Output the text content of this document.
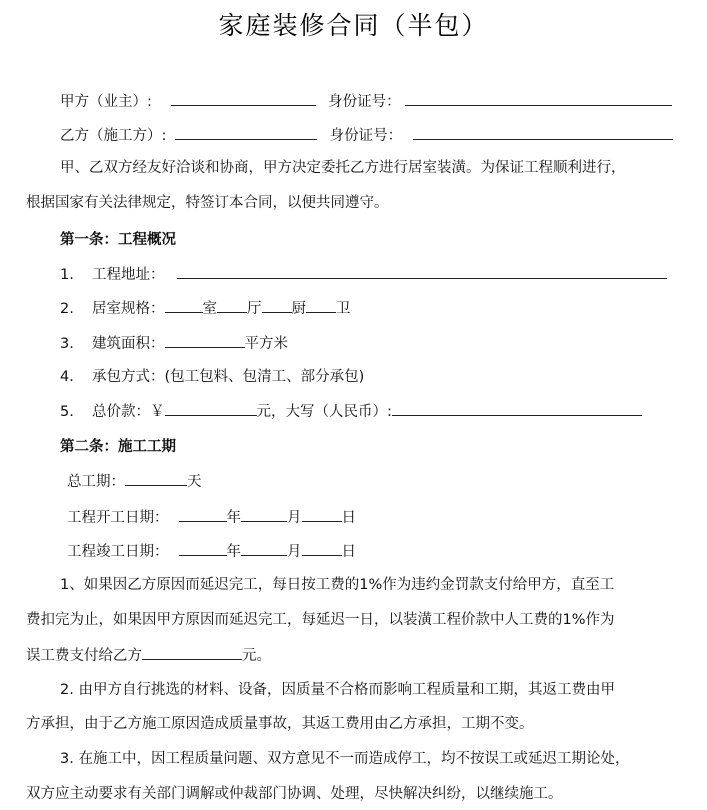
家庭装修合同（半包）
甲方（业主）:	身份证号：
乙方（施工方）:	身份证号：
甲、乙双方经友好洽谈和协商，甲方决定委托乙方进行居室装潢。为保证工程顺利进行，
根据国家有关法律规定，特签订本合同，以便共同遵守。
第一条：工程概况
1. 工程地址：
2. 居室规格：	室 厅 厨 卫
3. 建筑面积：	平方米
4. 承包方式：(包工包料、包清工、部分承包)
5. 总价款：￥	元，大写（人民币）:
第二条：施工工期
总工期：	天
工程开工日期：	年	月	日
工程竣工日期：	年	月	日
1、如果因乙方原因而延迟完工，每日按工费的1%作为违约金罚款支付给甲方，直至工
费扣完为止，如果因甲方原因而延迟完工，每延迟一日，以装潢工程价款中人工费的1%作为
误工费支付给乙方	元。
2. 由甲方自行挑选的材料、设备，因质量不合格而影响工程质量和工期，其返工费由甲
方承担，由于乙方施工原因造成质量事故，其返工费用由乙方承担，工期不变。
3. 在施工中，因工程质量问题、双方意见不一而造成停工，均不按误工或延迟工期论处，
双方应主动要求有关部门调解或仲裁部门协调、处理，尽快解决纠纷，以继续施工。
